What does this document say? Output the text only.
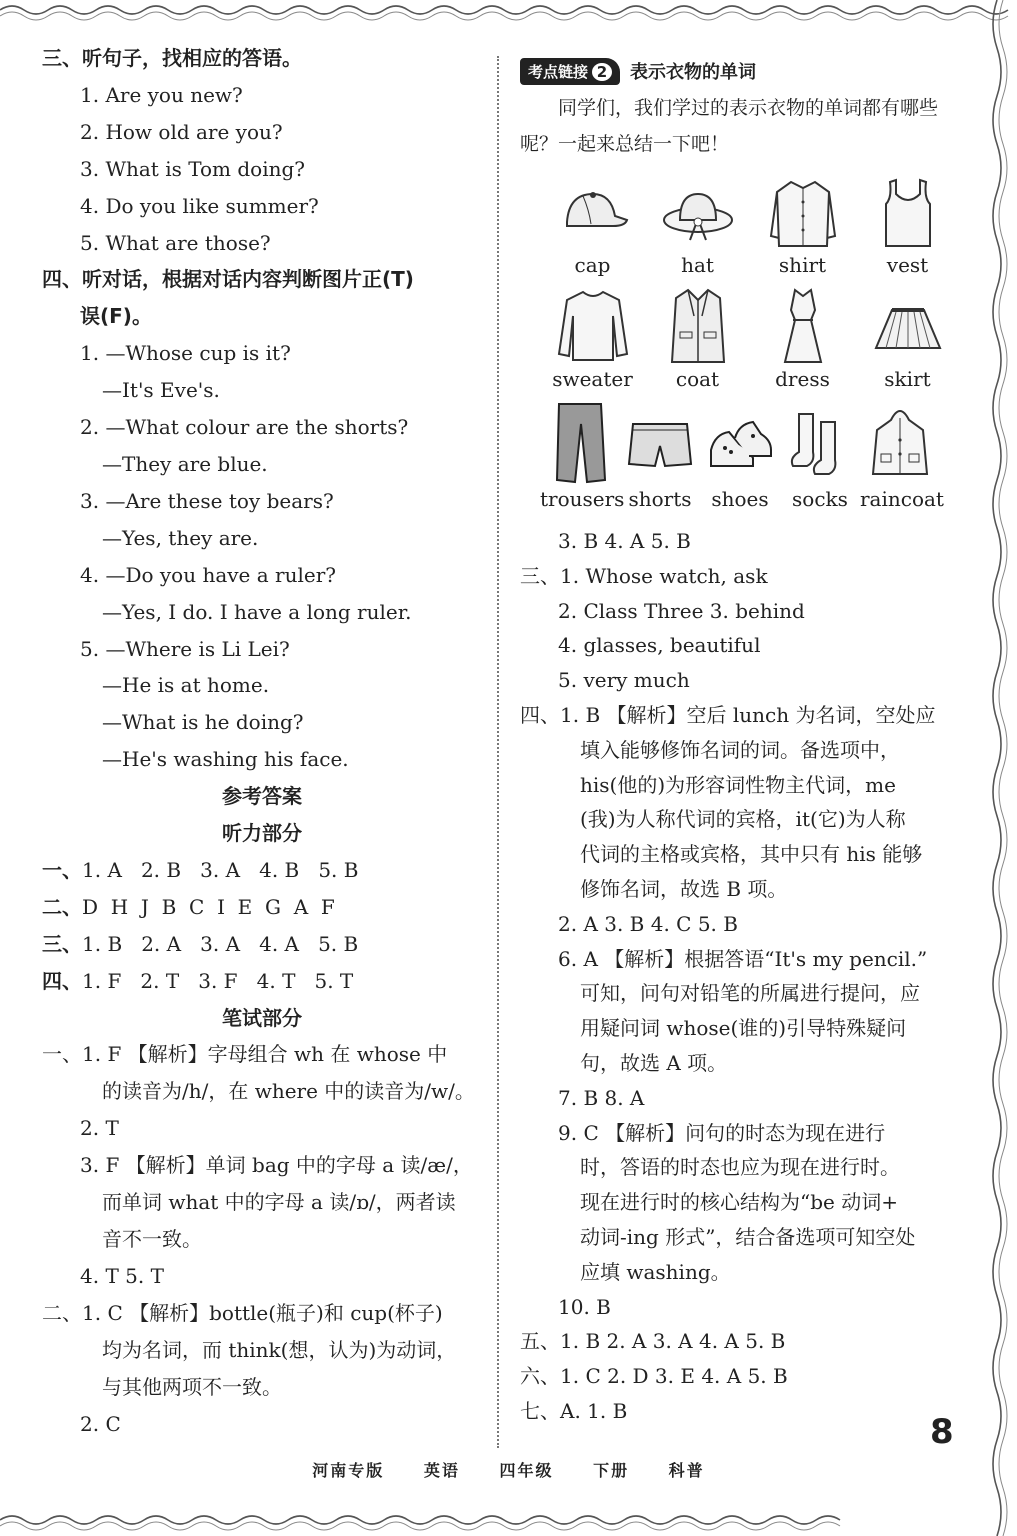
三、听句子，找相应的答语。
1. Are you new?
2. How old are you?
3. What is Tom doing?
4. Do you like summer?
5. What are those?
四、听对话，根据对话内容判断图片正(T)
误(F)。
1. —Whose cup is it?
—It's Eve's.
2. —What colour are the shorts?
—They are blue.
3. —Are these toy bears?
—Yes, they are.
4. —Do you have a ruler?
—Yes, I do. I have a long ruler.
5. —Where is Li Lei?
—He is at home.
—What is he doing?
—He's washing his face.
参考答案
听力部分
一、1. A   2. B   3. A   4. B   5. B
二、D  H  J  B  C  I  E  G  A  F
三、1. B   2. A   3. A   4. A   5. B
四、1. F   2. T   3. F   4. T   5. T
笔试部分
一、1. F 【解析】字母组合 wh 在 whose 中
的读音为/h/，在 where 中的读音为/w/。
2. T
3. F 【解析】单词 bag 中的字母 a 读/æ/，
而单词 what 中的字母 a 读/ɒ/，两者读
音不一致。
4. T 5. T
二、1. C 【解析】bottle(瓶子)和 cup(杯子)
均为名词，而 think(想，认为)为动词，
与其他两项不一致。
2. C
考点链接 2	表示衣物的单词
同学们，我们学过的表示衣物的单词都有哪些呢？一起来总结一下吧！
cap	hat	shirt	vest
sweater	coat	dress	skirt
trousers shorts shoes	socks raincoat
3. B 4. A 5. B
三、1. Whose watch, ask
2. Class Three 3. behind
4. glasses, beautiful
5. very much
四、1. B 【解析】空后 lunch 为名词，空处应
填入能够修饰名词的词。备选项中，
his(他的)为形容词性物主代词，me
(我)为人称代词的宾格，it(它)为人称
代词的主格或宾格，其中只有 his 能够
修饰名词，故选 B 项。
2. A 3. B 4. C 5. B
6. A 【解析】根据答语“It's my pencil.”
可知，问句对铅笔的所属进行提问，应
用疑问词 whose(谁的)引导特殊疑问
句，故选 A 项。
7. B 8. A
9. C 【解析】问句的时态为现在进行
时，答语的时态也应为现在进行时。
现在进行时的核心结构为“be 动词+
动词-ing 形式”，结合备选项可知空处
应填 washing。
10. B
五、1. B 2. A 3. A 4. A 5. B
六、1. C 2. D 3. E 4. A 5. B
七、A. 1. B
河南专版 英语 四年级 下册 科普
8
